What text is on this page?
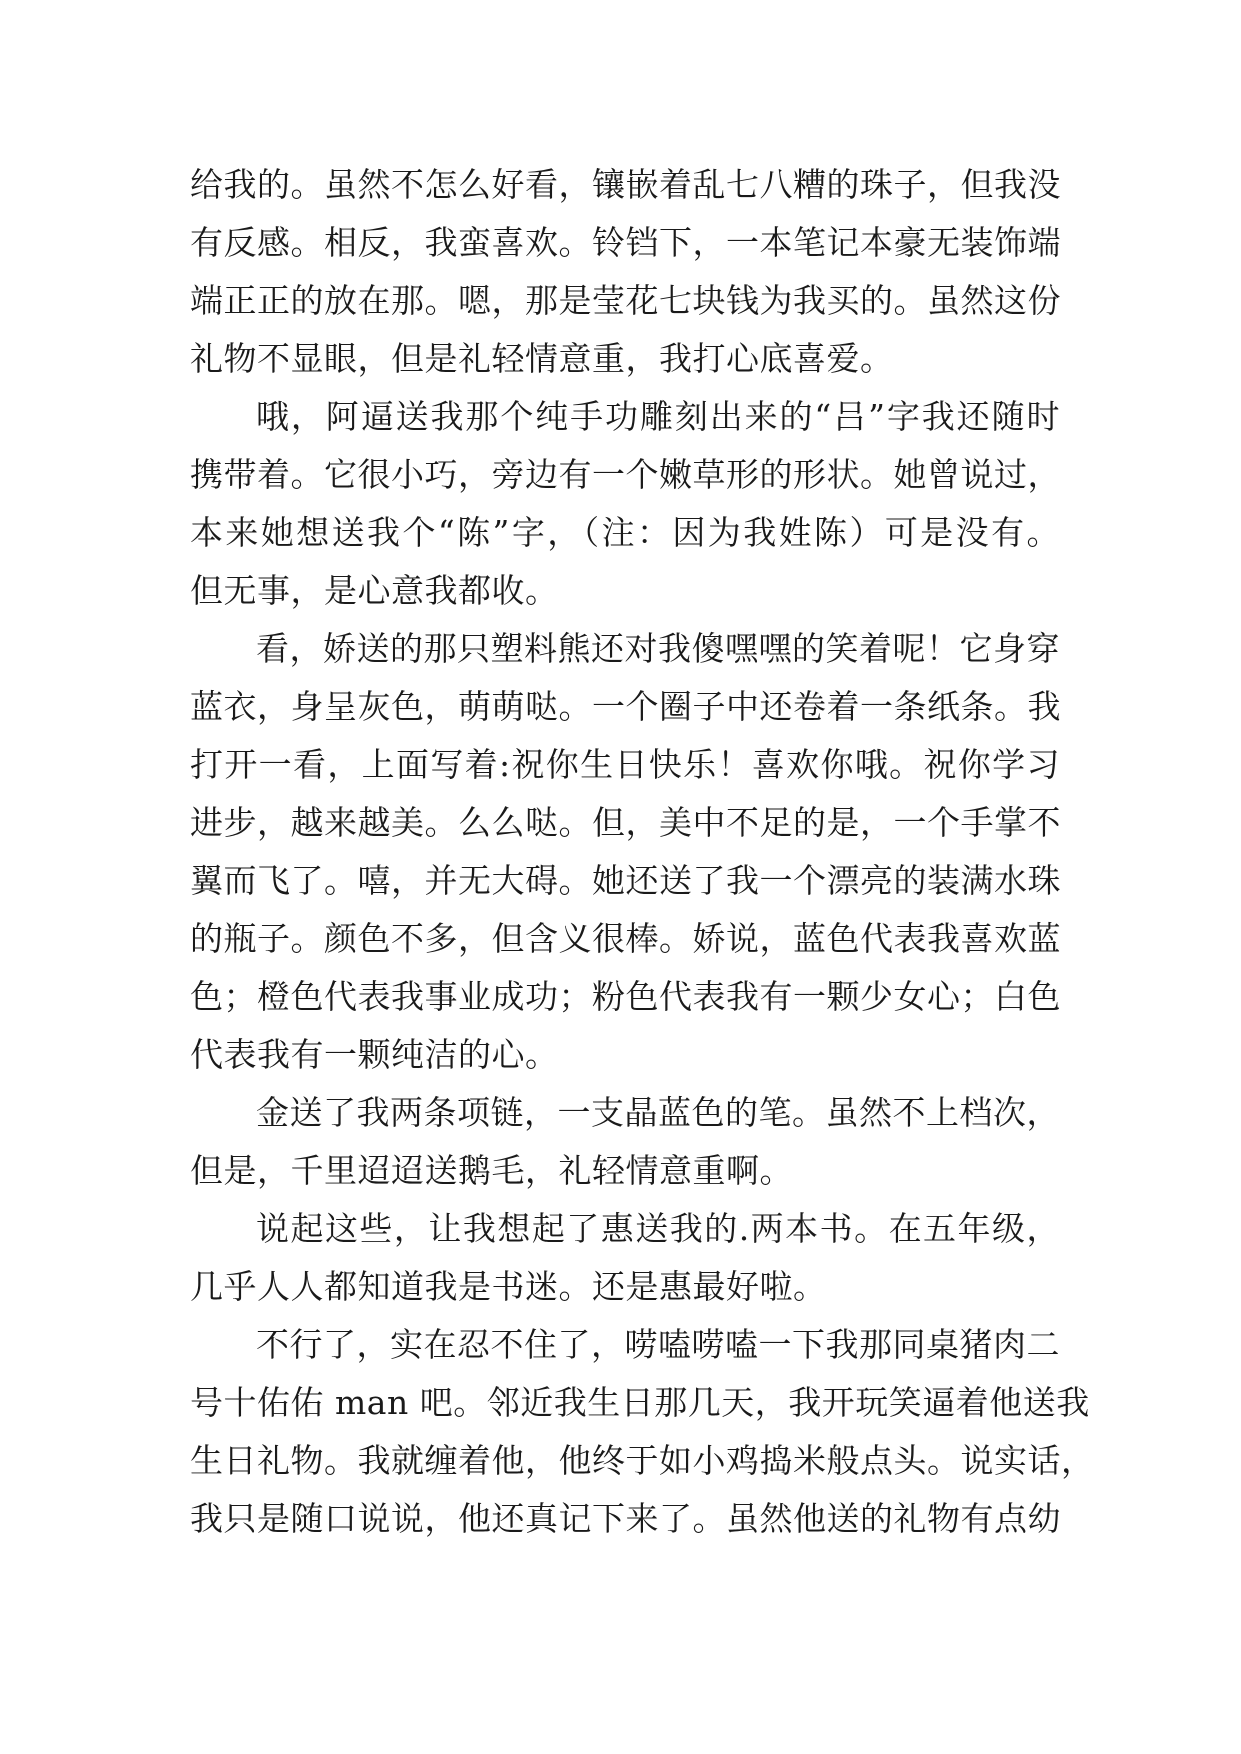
给我的。虽然不怎么好看，镶嵌着乱七八糟的珠子，但我没
有反感。相反，我蛮喜欢。铃铛下，一本笔记本豪无装饰端
端正正的放在那。嗯，那是莹花七块钱为我买的。虽然这份
礼物不显眼，但是礼轻情意重，我打心底喜爱。
哦，阿逼送我那个纯手功雕刻出来的“吕”字我还随时
携带着。它很小巧，旁边有一个嫩草形的形状。她曾说过，
本来她想送我个“陈”字，（注：因为我姓陈）可是没有。
但无事，是心意我都收。
看，娇送的那只塑料熊还对我傻嘿嘿的笑着呢！它身穿
蓝衣，身呈灰色，萌萌哒。一个圈子中还卷着一条纸条。我
打开一看，上面写着:祝你生日快乐！喜欢你哦。祝你学习
进步，越来越美。么么哒。但，美中不足的是，一个手掌不
翼而飞了。嘻，并无大碍。她还送了我一个漂亮的装满水珠
的瓶子。颜色不多，但含义很棒。娇说，蓝色代表我喜欢蓝
色；橙色代表我事业成功；粉色代表我有一颗少女心；白色
代表我有一颗纯洁的心。
金送了我两条项链，一支晶蓝色的笔。虽然不上档次，
但是，千里迢迢送鹅毛，礼轻情意重啊。
说起这些，让我想起了惠送我的.两本书。在五年级，
几乎人人都知道我是书迷。还是惠最好啦。
不行了，实在忍不住了，唠嗑唠嗑一下我那同桌猪肉二
号十佑佑 man 吧。邻近我生日那几天，我开玩笑逼着他送我
生日礼物。我就缠着他，他终于如小鸡捣米般点头。说实话，
我只是随口说说，他还真记下来了。虽然他送的礼物有点幼
